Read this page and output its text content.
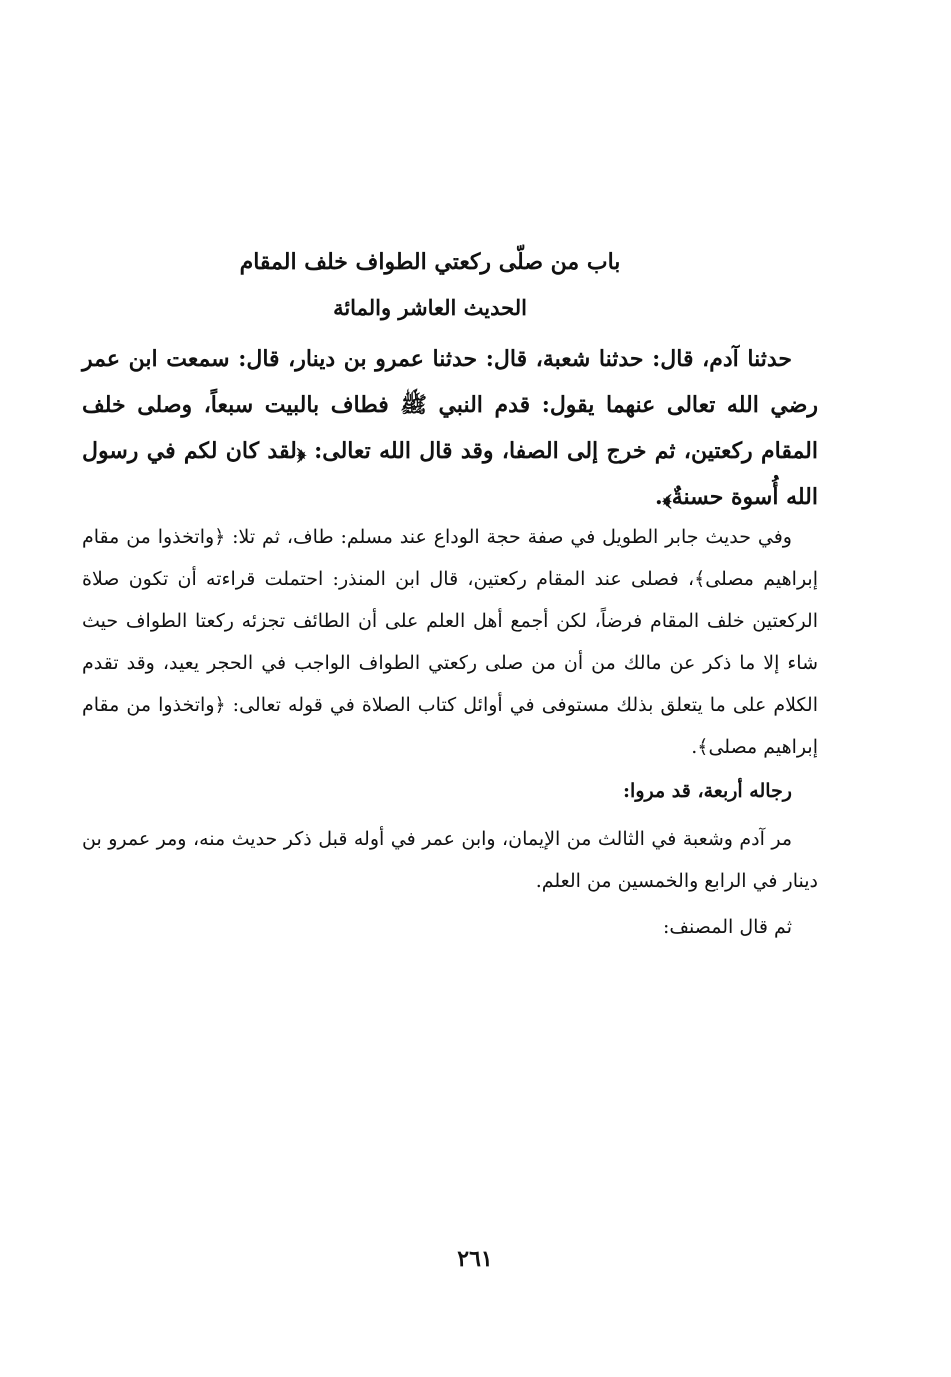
باب من صلّى ركعتي الطواف خلف المقام
الحديث العاشر والمائة

حدثنا آدم، قال: حدثنا شعبة، قال: حدثنا عمرو بن دينار، قال: سمعت ابن عمر رضي الله تعالى عنهما يقول: قدم النبي ﷺ فطاف بالبيت سبعاً، وصلى خلف المقام ركعتين، ثم خرج إلى الصفا، وقد قال الله تعالى: ﴿لقد كان لكم في رسول الله أُسوة حسنةٌ﴾.

وفي حديث جابر الطويل في صفة حجة الوداع عند مسلم: طاف، ثم تلا: ﴿واتخذوا من مقام إبراهيم مصلى﴾، فصلى عند المقام ركعتين، قال ابن المنذر: احتملت قراءته أن تكون صلاة الركعتين خلف المقام فرضاً، لكن أجمع أهل العلم على أن الطائف تجزئه ركعتا الطواف حيث شاء إلا ما ذكر عن مالك من أن من صلى ركعتي الطواف الواجب في الحجر يعيد، وقد تقدم الكلام على ما يتعلق بذلك مستوفى في أوائل كتاب الصلاة في قوله تعالى: ﴿واتخذوا من مقام إبراهيم مصلى﴾.

رجاله أربعة، قد مروا:

مر آدم وشعبة في الثالث من الإيمان، وابن عمر في أوله قبل ذكر حديث منه، ومر عمرو بن دينار في الرابع والخمسين من العلم.

ثم قال المصنف:

٢٦١
